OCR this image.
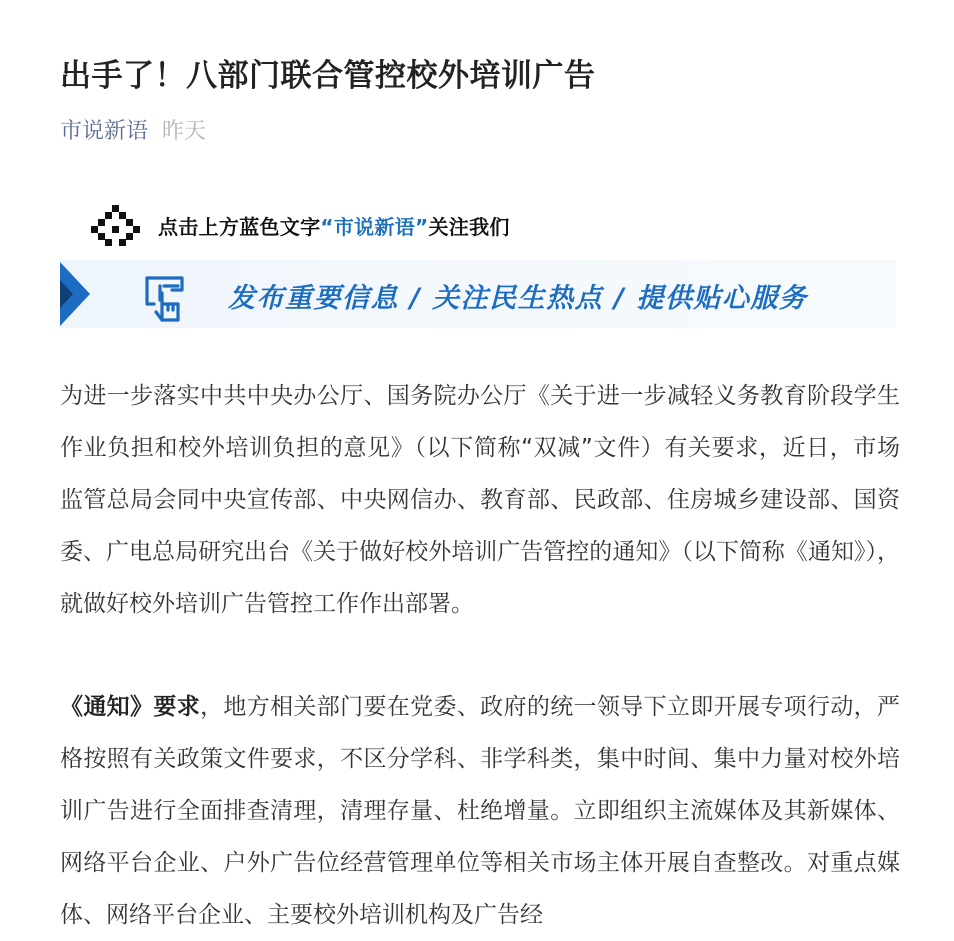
出手了！八部门联合管控校外培训广告
市说新语 昨天
点击上方蓝色文字“市说新语”关注我们
发布重要信息 / 关注民生热点 / 提供贴心服务

为进一步落实中共中央办公厅、国务院办公厅《关于进一步减轻义务教育阶段学生作业负担和校外培训负担的意见》（以下简称“双减”文件）有关要求，近日，市场监管总局会同中央宣传部、中央网信办、教育部、民政部、住房城乡建设部、国资委、广电总局研究出台《关于做好校外培训广告管控的通知》（以下简称《通知》），就做好校外培训广告管控工作作出部署。

《通知》要求，地方相关部门要在党委、政府的统一领导下立即开展专项行动，严格按照有关政策文件要求，不区分学科、非学科类，集中时间、集中力量对校外培训广告进行全面排查清理，清理存量、杜绝增量。立即组织主流媒体及其新媒体、网络平台企业、户外广告位经营管理单位等相关市场主体开展自查整改。对重点媒体、网络平台企业、主要校外培训机构及广告经
